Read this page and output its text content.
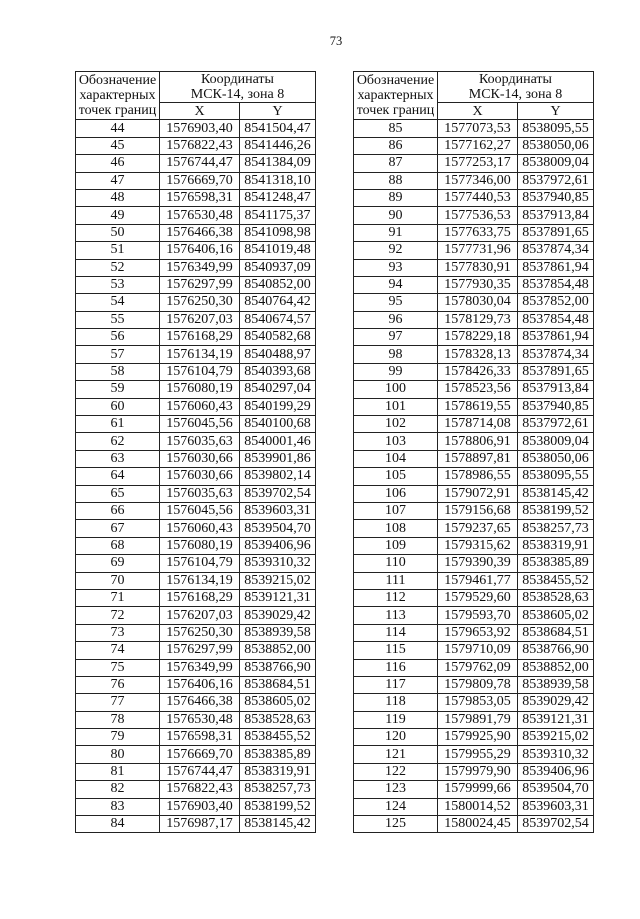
73
Обозначение
характерных
точек границ	Координаты
МСК-14, зона 8	

	X	Y
44	1576903,40	8541504,47
45	1576822,43	8541446,26
46	1576744,47	8541384,09
47	1576669,70	8541318,10
48	1576598,31	8541248,47
49	1576530,48	8541175,37
50	1576466,38	8541098,98
51	1576406,16	8541019,48
52	1576349,99	8540937,09
53	1576297,99	8540852,00
54	1576250,30	8540764,42
55	1576207,03	8540674,57
56	1576168,29	8540582,68
57	1576134,19	8540488,97
58	1576104,79	8540393,68
59	1576080,19	8540297,04
60	1576060,43	8540199,29
61	1576045,56	8540100,68
62	1576035,63	8540001,46
63	1576030,66	8539901,86
64	1576030,66	8539802,14
65	1576035,63	8539702,54
66	1576045,56	8539603,31
67	1576060,43	8539504,70
68	1576080,19	8539406,96
69	1576104,79	8539310,32
70	1576134,19	8539215,02
71	1576168,29	8539121,31
72	1576207,03	8539029,42
73	1576250,30	8538939,58
74	1576297,99	8538852,00
75	1576349,99	8538766,90
76	1576406,16	8538684,51
77	1576466,38	8538605,02
78	1576530,48	8538528,63
79	1576598,31	8538455,52
80	1576669,70	8538385,89
81	1576744,47	8538319,91
82	1576822,43	8538257,73
83	1576903,40	8538199,52
84	1576987,17	8538145,42
Обозначение
характерных
точек границ	Координаты
МСК-14, зона 8	

	X	Y
85	1577073,53	8538095,55
86	1577162,27	8538050,06
87	1577253,17	8538009,04
88	1577346,00	8537972,61
89	1577440,53	8537940,85
90	1577536,53	8537913,84
91	1577633,75	8537891,65
92	1577731,96	8537874,34
93	1577830,91	8537861,94
94	1577930,35	8537854,48
95	1578030,04	8537852,00
96	1578129,73	8537854,48
97	1578229,18	8537861,94
98	1578328,13	8537874,34
99	1578426,33	8537891,65
100	1578523,56	8537913,84
101	1578619,55	8537940,85
102	1578714,08	8537972,61
103	1578806,91	8538009,04
104	1578897,81	8538050,06
105	1578986,55	8538095,55
106	1579072,91	8538145,42
107	1579156,68	8538199,52
108	1579237,65	8538257,73
109	1579315,62	8538319,91
110	1579390,39	8538385,89
111	1579461,77	8538455,52
112	1579529,60	8538528,63
113	1579593,70	8538605,02
114	1579653,92	8538684,51
115	1579710,09	8538766,90
116	1579762,09	8538852,00
117	1579809,78	8538939,58
118	1579853,05	8539029,42
119	1579891,79	8539121,31
120	1579925,90	8539215,02
121	1579955,29	8539310,32
122	1579979,90	8539406,96
123	1579999,66	8539504,70
124	1580014,52	8539603,31
125	1580024,45	8539702,54
